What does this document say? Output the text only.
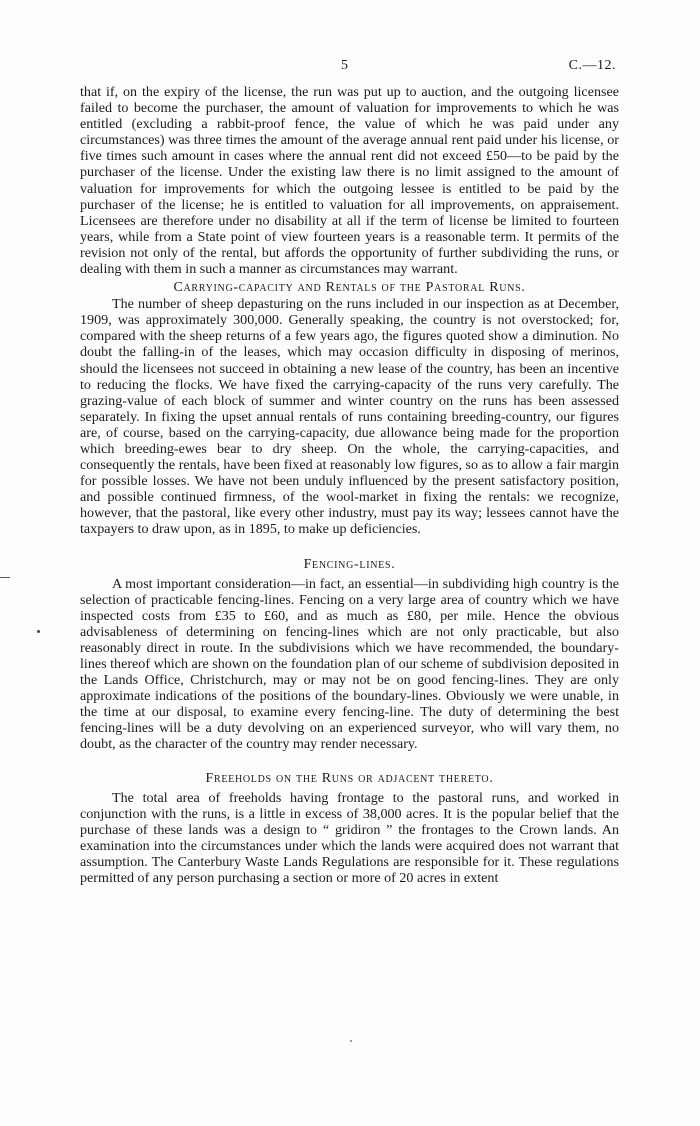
5	C.—12.

that if, on the expiry of the license, the run was put up to auction, and the outgoing licensee failed to become the purchaser, the amount of valuation for improvements to which he was entitled (excluding a rabbit-proof fence, the value of which he was paid under any circumstances) was three times the amount of the average annual rent paid under his license, or five times such amount in cases where the annual rent did not exceed £50—to be paid by the purchaser of the license. Under the existing law there is no limit assigned to the amount of valuation for improvements for which the outgoing lessee is entitled to be paid by the purchaser of the license; he is entitled to valuation for all improvements, on appraisement. Licensees are therefore under no disability at all if the term of license be limited to fourteen years, while from a State point of view fourteen years is a reasonable term. It permits of the revision not only of the rental, but affords the opportunity of further subdividing the runs, or dealing with them in such a manner as circumstances may warrant.

Carrying-capacity and Rentals of the Pastoral Runs.

The number of sheep depasturing on the runs included in our inspection as at December, 1909, was approximately 300,000. Generally speaking, the country is not overstocked; for, compared with the sheep returns of a few years ago, the figures quoted show a diminution. No doubt the falling-in of the leases, which may occasion difficulty in disposing of merinos, should the licensees not succeed in obtaining a new lease of the country, has been an incentive to reducing the flocks. We have fixed the carrying-capacity of the runs very carefully. The grazing-value of each block of summer and winter country on the runs has been assessed separately. In fixing the upset annual rentals of runs containing breeding-country, our figures are, of course, based on the carrying-capacity, due allowance being made for the proportion which breeding-ewes bear to dry sheep. On the whole, the carrying-capacities, and consequently the rentals, have been fixed at reasonably low figures, so as to allow a fair margin for possible losses. We have not been unduly influenced by the present satisfactory position, and possible continued firmness, of the wool-market in fixing the rentals: we recognize, however, that the pastoral, like every other industry, must pay its way; lessees cannot have the taxpayers to draw upon, as in 1895, to make up deficiencies.

Fencing-lines.

A most important consideration—in fact, an essential—in subdividing high country is the selection of practicable fencing-lines. Fencing on a very large area of country which we have inspected costs from £35 to £60, and as much as £80, per mile. Hence the obvious advisableness of determining on fencing-lines which are not only practicable, but also reasonably direct in route. In the subdivisions which we have recommended, the boundary-lines thereof which are shown on the foundation plan of our scheme of subdivision deposited in the Lands Office, Christchurch, may or may not be on good fencing-lines. They are only approximate indications of the positions of the boundary-lines. Obviously we were unable, in the time at our disposal, to examine every fencing-line. The duty of determining the best fencing-lines will be a duty devolving on an experienced surveyor, who will vary them, no doubt, as the character of the country may render necessary.

Freeholds on the Runs or adjacent thereto.

The total area of freeholds having frontage to the pastoral runs, and worked in conjunction with the runs, is a little in excess of 38,000 acres. It is the popular belief that the purchase of these lands was a design to “ gridiron ” the frontages to the Crown lands. An examination into the circumstances under which the lands were acquired does not warrant that assumption. The Canterbury Waste Lands Regulations are responsible for it. These regulations permitted of any person purchasing a section or more of 20 acres in extent
